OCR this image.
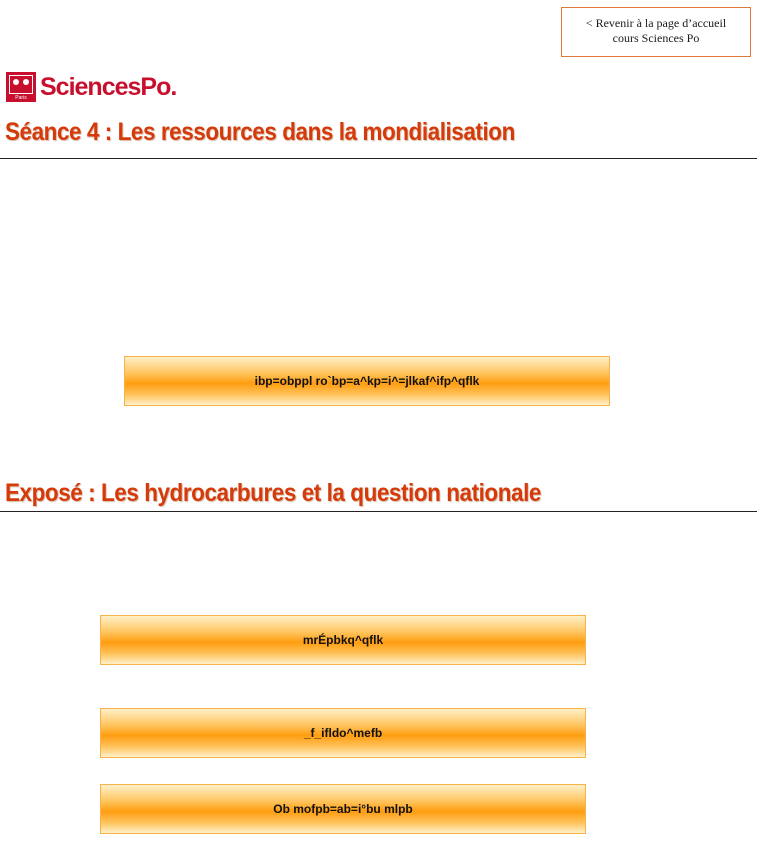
< Revenir à la page d’accueil
cours Sciences Po
Paris SciencesPo.
Séance 4 : Les ressources dans la mondialisation
ibp=obppl ro`bp=a^kp=i^=jlkaf^ifp^qflk
Exposé : Les hydrocarbures et la question nationale
mrÉpbkq^qflk
_f_ifldo^mefb
Ob mofpb=ab=i°bu mlpb
